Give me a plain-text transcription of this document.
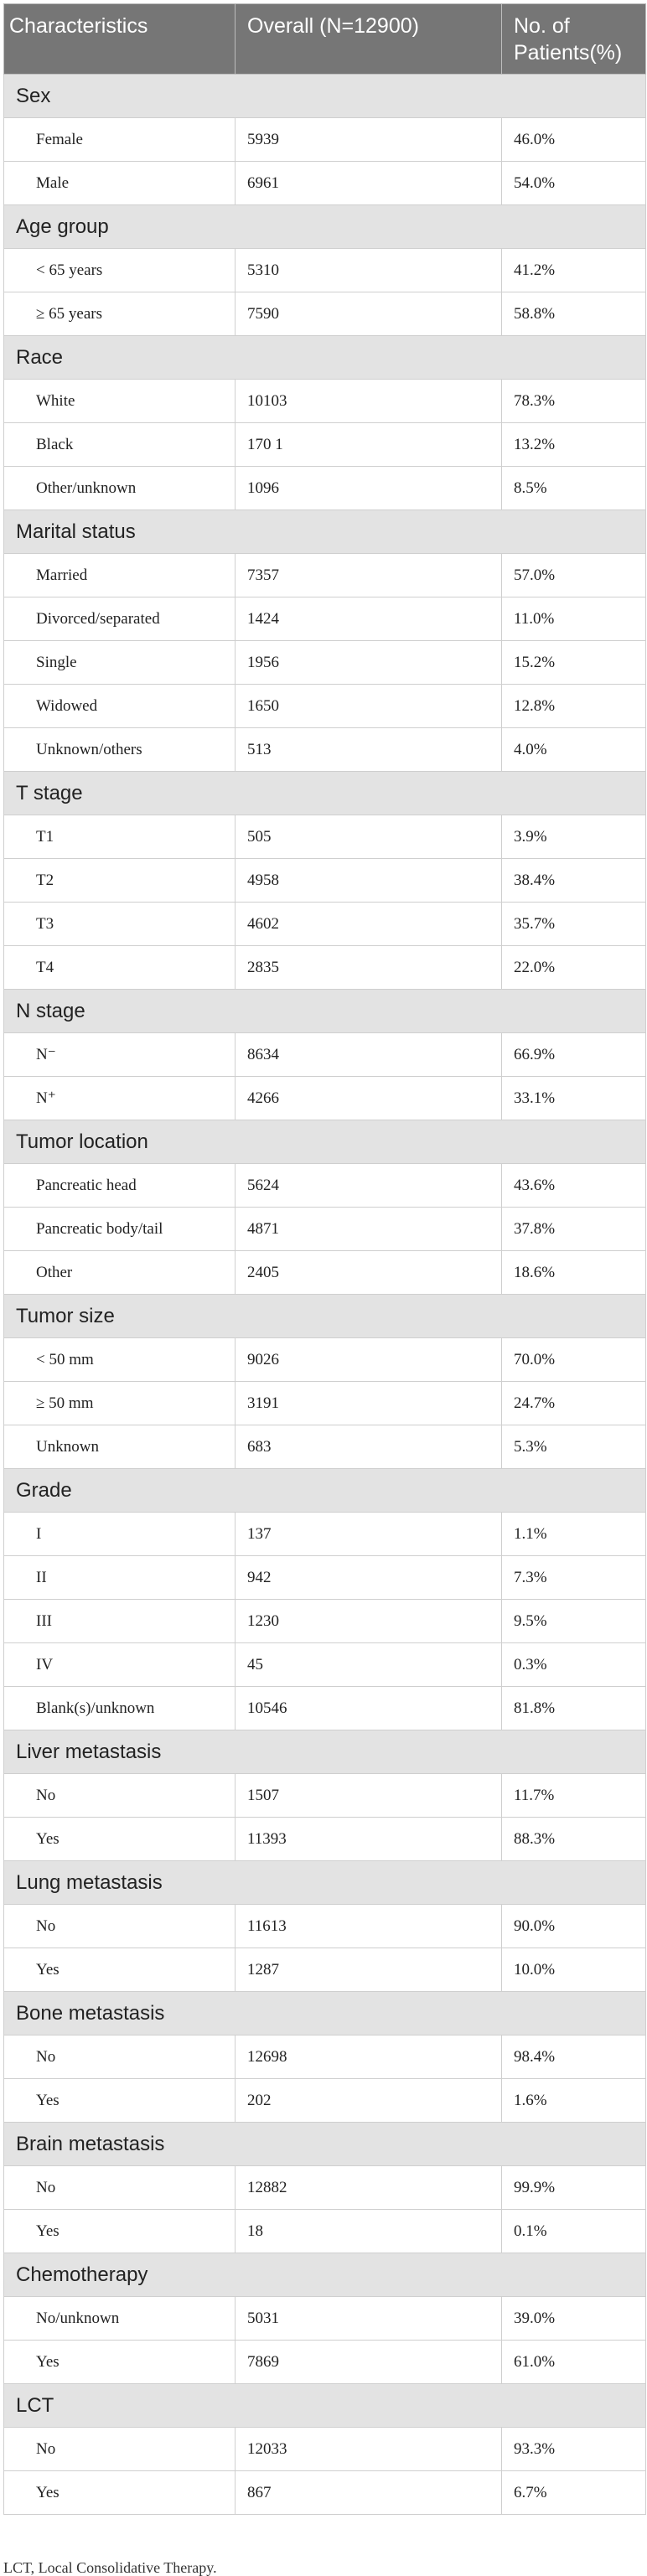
Characteristics	Overall (N=12900)	No. of Patients(%)
Sex		
Female	5939	46.0%
Male	6961	54.0%
Age group		
< 65 years	5310	41.2%
≥ 65 years	7590	58.8%
Race		
White	10103	78.3%
Black	170 1	13.2%
Other/unknown	1096	8.5%
Marital status		
Married	7357	57.0%
Divorced/separated	1424	11.0%
Single	1956	15.2%
Widowed	1650	12.8%
Unknown/others	513	4.0%
T stage		
T1	505	3.9%
T2	4958	38.4%
T3	4602	35.7%
T4	2835	22.0%
N stage		
N⁻	8634	66.9%
N⁺	4266	33.1%
Tumor location		
Pancreatic head	5624	43.6%
Pancreatic body/tail	4871	37.8%
Other	2405	18.6%
Tumor size		
< 50 mm	9026	70.0%
≥ 50 mm	3191	24.7%
Unknown	683	5.3%
Grade		
I	137	1.1%
II	942	7.3%
III	1230	9.5%
IV	45	0.3%
Blank(s)/unknown	10546	81.8%
Liver metastasis		
No	1507	11.7%
Yes	11393	88.3%
Lung metastasis		
No	11613	90.0%
Yes	1287	10.0%
Bone metastasis		
No	12698	98.4%
Yes	202	1.6%
Brain metastasis		
No	12882	99.9%
Yes	18	0.1%
Chemotherapy		
No/unknown	5031	39.0%
Yes	7869	61.0%
LCT		
No	12033	93.3%
Yes	867	6.7%
LCT, Local Consolidative Therapy.
